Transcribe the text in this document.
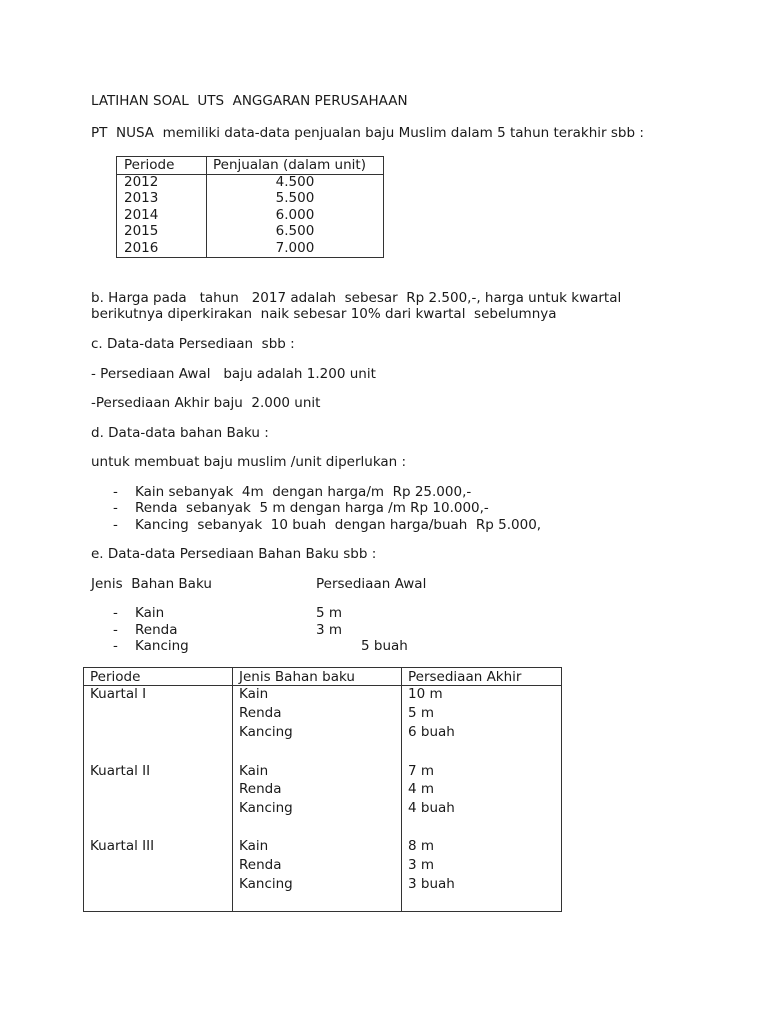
LATIHAN SOAL  UTS  ANGGARAN PERUSAHAAN
PT  NUSA  memiliki data-data penjualan baju Muslim dalam 5 tahun terakhir sbb :
Periode	Penjualan (dalam unit)
2012	4.500
2013	5.500
2014	6.000
2015	6.500
2016	7.000
b. Harga pada   tahun   2017 adalah  sebesar  Rp 2.500,-, harga untuk kwartal
berikutnya diperkirakan  naik sebesar 10% dari kwartal  sebelumnya
c. Data-data Persediaan  sbb :
- Persediaan Awal   baju adalah 1.200 unit
-Persediaan Akhir baju  2.000 unit
d. Data-data bahan Baku :
untuk membuat baju muslim /unit diperlukan :
- Kain sebanyak  4m  dengan harga/m  Rp 25.000,-
- Renda  sebanyak  5 m dengan harga /m Rp 10.000,-
- Kancing  sebanyak  10 buah  dengan harga/buah  Rp 5.000,
e. Data-data Persediaan Bahan Baku sbb :
Jenis  Bahan Baku	Persediaan Awal
- Kain	5 m
- Renda	3 m
- Kancing	5 buah
Periode	Jenis Bahan baku	Persediaan Akhir
Kuartal I	Kain	10 m
Renda	5 m
Kancing	6 buah
Kuartal II	Kain	7 m
Renda	4 m
Kancing	4 buah
Kuartal III	Kain	8 m
Renda	3 m
Kancing	3 buah
